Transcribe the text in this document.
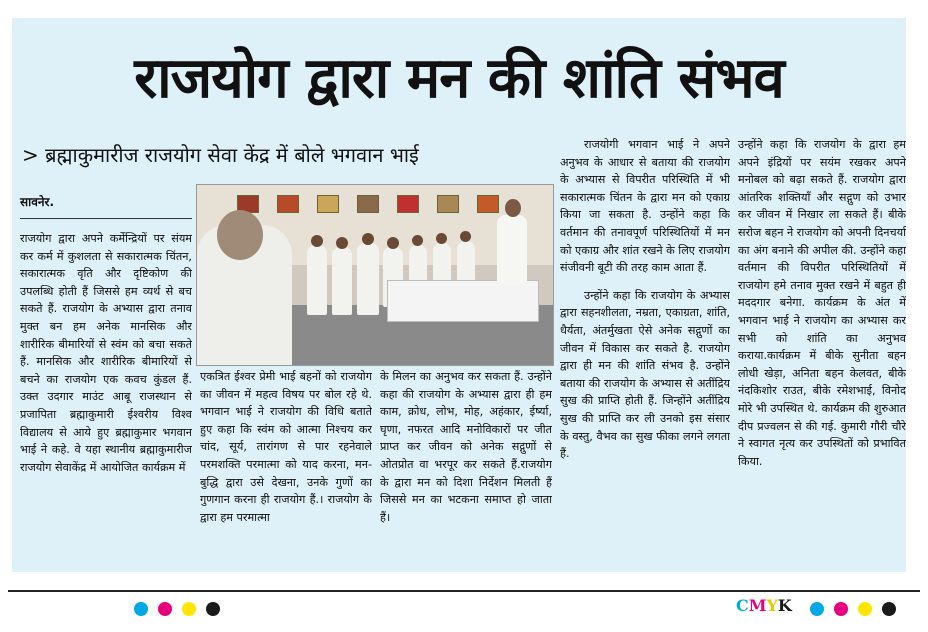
राजयोग द्वारा मन की शांति संभव
> ब्रह्माकुमारीज राजयोग सेवा केंद्र में बोले भगवान भाई
सावनेर.

राजयोग द्वारा अपने कर्मेन्द्रियों पर संयम कर कर्म में कुशलता से सकारात्मक चिंतन, सकारात्मक वृति और दृष्टिकोण की उपलब्धि होती हैं जिससे हम व्यर्थ से बच सकते हैं. राजयोग के अभ्यास द्वारा तनाव मुक्त बन हम अनेक मानसिक और शारीरिक बीमारियों से स्वंम को बचा सकते हैं. मानसिक और शारीरिक बीमारियों से बचने का राजयोग एक कवच कुंडल हैं. उक्त उदगार माउंट आबू राजस्थान से प्रजापिता ब्रह्माकुमारी ईश्वरीय विश्व विद्यालय से आये हुए ब्रह्माकुमार भगवान भाई ने कहे. वे यहा स्थानीय ब्रह्माकुमारीज राजयोग सेवाकेंद्र में आयोजित कार्यक्रम में

एकत्रित ईश्वर प्रेमी भाई बहनों को राजयोग का जीवन में महत्व विषय पर बोल रहे थे. भगवान भाई ने राजयोग की विधि बताते हुए कहा कि स्वंम को आत्मा निश्चय कर चांद, सूर्य, तारांगण से पार रहनेवाले परमशक्ति परमात्मा को याद करना, मन-बुद्धि द्वारा उसे देखना, उनके गुणों का गुणगान करना ही राजयोग हैं.। राजयोग के द्वारा हम परमात्मा

के मिलन का अनुभव कर सकता हैं. उन्होंने कहा की राजयोग के अभ्यास द्वारा ही हम काम, क्रोध, लोभ, मोह, अहंकार, ईर्ष्या, घृणा, नफरत आदि मनोविकारों पर जीत प्राप्त कर जीवन को अनेक सद्गुणों से ओतप्रोत वा भरपूर कर सकते हैं.राजयोग के द्वारा मन को दिशा निर्देशन मिलती हैं जिससे मन का भटकना समाप्त हो जाता हैं।

राजयोगी भगवान भाई ने अपने अनुभव के आधार से बताया की राजयोग के अभ्यास से विपरीत परिस्थिति में भी सकारात्मक चिंतन के द्वारा मन को एकाग्र किया जा सकता है. उन्होंने कहा कि वर्तमान की तनावपूर्ण परिस्थितियों में मन को एकाग्र और शांत रखने के लिए राजयोग संजीवनी बूटी की तरह काम आता हैं.

उन्होंने कहा कि राजयोग के अभ्यास द्वारा सहनशीलता, नम्रता, एकाग्रता, शांति, धैर्यता, अंतर्मुखता ऐसे अनेक सद्गुणों का जीवन में विकास कर सकते है. राजयोग द्वारा ही मन की शांति संभव है. उन्होंने बताया की राजयोग के अभ्यास से अतींद्रिय सुख की प्राप्ति होती हैं. जिन्होंने अतींद्रिय सुख की प्राप्ति कर ली उनको इस संसार के वस्तु, वैभव का सुख फीका लगने लगता हैं.

उन्होंने कहा कि राजयोग के द्वारा हम अपने इंद्रियों पर सयंम रखकर अपने मनोबल को बढ़ा सकते हैं. राजयोग द्वारा आंतरिक शक्तियाँ और सद्गुण को उभार कर जीवन में निखार ला सकते हैं। बीके सरोज बहन ने राजयोग को अपनी दिनचर्या का अंग बनाने की अपील की. उन्होंने कहा वर्तमान की विपरीत परिस्थितियों में राजयोग हमे तनाव मुक्त रखने में बहुत ही मददगार बनेगा. कार्यक्रम के अंत में भगवान भाई ने राजयोग का अभ्यास कर सभी को शांति का अनुभव कराया.कार्यक्रम में बीके सुनीता बहन लोधी खेड़ा, अनिता बहन केलवत, बीके नंदकिशोर राउत, बीके रमेशभाई, विनोद मोरे भी उपस्थित थे. कार्यक्रम की शुरुआत दीप प्रज्वलन से की गई. कुमारी गौरी चौरे ने स्वागत नृत्य कर उपस्थितों को प्रभावित किया.

CMYK
